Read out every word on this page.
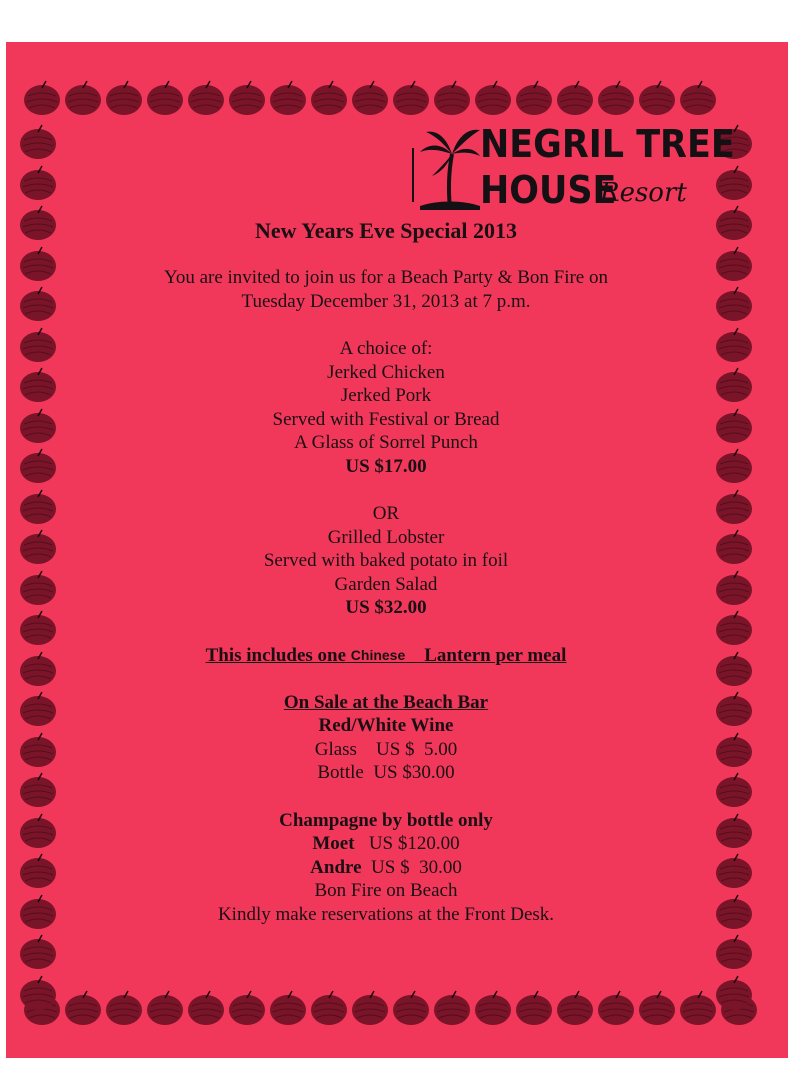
NEGRIL TREE
HOUSE
Resort
New Years Eve Special 2013
You are invited to join us for a Beach Party & Bon Fire on
Tuesday December 31, 2013 at 7 p.m.
A choice of:
Jerked Chicken
Jerked Pork
Served with Festival or Bread
A Glass of Sorrel Punch
US $17.00
OR
Grilled Lobster
Served with baked potato in foil
Garden Salad
US $32.00
This includes one Chinese Lantern per meal
On Sale at the Beach Bar
Red/White Wine
Glass US $  5.00
Bottle US $30.00
Champagne by bottle only
Moet US $120.00
Andre US $  30.00
Bon Fire on Beach
Kindly make reservations at the Front Desk.
